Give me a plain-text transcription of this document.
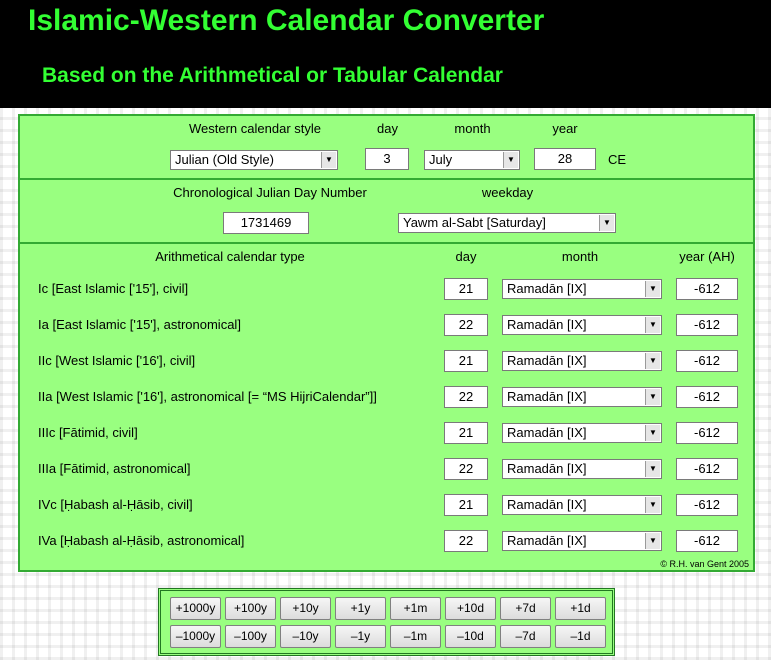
Islamic-Western Calendar Converter
Based on the Arithmetical or Tabular Calendar
Western calendar style	day	month	year
Julian (Old Style)	▼	3	July	▼	28	CE
Chronological Julian Day Number	weekday
1731469	Yawm al-Sabt [Saturday]	▼
Arithmetical calendar type	day	month	year (AH)
Ic [East Islamic ['15'], civil]	21	Ramadān [IX]	▼	-612
Ia [East Islamic ['15'], astronomical]	22	Ramadān [IX]	▼	-612
IIc [West Islamic ['16'], civil]	21	Ramadān [IX]	▼	-612
IIa [West Islamic ['16'], astronomical [= “MS HijriCalendar”]]	22	Ramadān [IX]	▼	-612
IIIc [Fātimid, civil]	21	Ramadān [IX]	▼	-612
IIIa [Fātimid, astronomical]	22	Ramadān [IX]	▼	-612
IVc [Ḥabash al-Ḥāsib, civil]	21	Ramadān [IX]	▼	-612
IVa [Ḥabash al-Ḥāsib, astronomical]	22	Ramadān [IX]	▼	-612
© R.H. van Gent 2005
+1000y	+100y	+10y	+1y	+1m	+10d	+7d	+1d
–1000y	–100y	–10y	–1y	–1m	–10d	–7d	–1d
